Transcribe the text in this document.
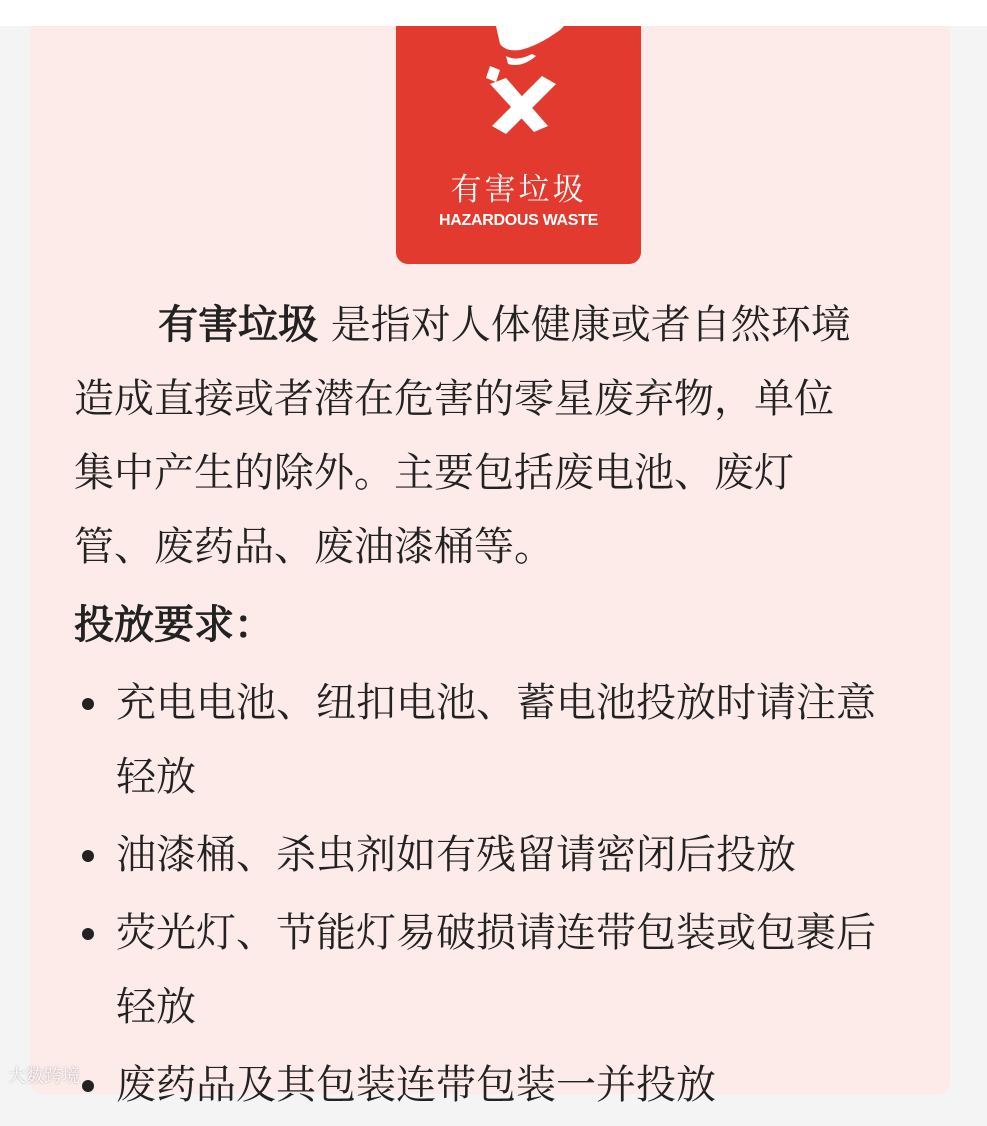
有害垃圾
HAZARDOUS WASTE
有害垃圾 是指对人体健康或者自然环境
造成直接或者潜在危害的零星废弃物，单位
集中产生的除外。主要包括废电池、废灯
管、废药品、废油漆桶等。
投放要求：
充电电池、纽扣电池、蓄电池投放时请注意轻放
油漆桶、杀虫剂如有残留请密闭后投放
荧光灯、节能灯易破损请连带包装或包裹后轻放
废药品及其包装连带包装一并投放
大数跨境
